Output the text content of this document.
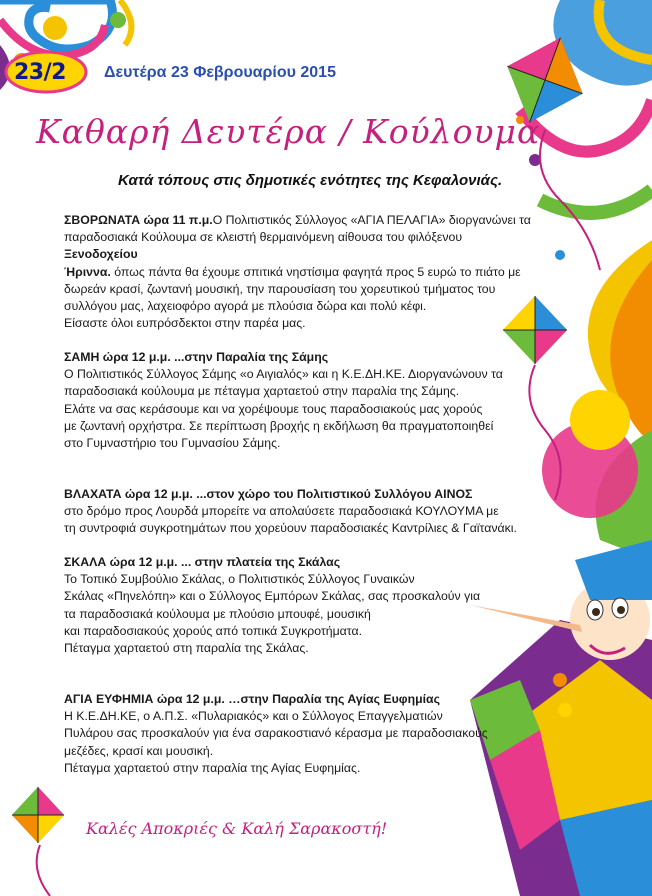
23/2 Δευτέρα 23 Φεβρουαρίου 2015
Καθαρή Δευτέρα / Κούλουμα
Κατά τόπους στις δημοτικές ενότητες της Κεφαλονιάς.

ΣΒΟΡΩΝΑΤΑ ώρα 11 π.μ.Ο Πολιτιστικός Σύλλογος «ΑΓΙΑ ΠΕΛΑΓΙΑ» διοργανώνει τα

παραδοσιακά Κούλουμα σε κλειστή θερμαινόμενη αίθουσα του φιλόξενου Ξενοδοχείου

Ήριννα. όπως πάντα θα έχουμε σπιτικά νηστίσιμα φαγητά προς 5 ευρώ το πιάτο με

δωρεάν κρασί, ζωντανή μουσική, την παρουσίαση του χορευτικού τμήματος του

συλλόγου μας, λαχειοφόρο αγορά με πλούσια δώρα και πολύ κέφι.

Είσαστε όλοι ευπρόσδεκτοι στην παρέα μας.

ΣΑΜΗ ώρα 12 μ.μ. ...στην Παραλία της Σάμης

Ο Πολιτιστικός Σύλλογος Σάμης «ο Αιγιαλός» και η Κ.Ε.ΔΗ.ΚΕ. Διοργανώνουν τα

παραδοσιακά κούλουμα με πέταγμα χαρταετού στην παραλία της Σάμης.

Ελάτε να σας κεράσουμε και να χορέψουμε τους παραδοσιακούς μας χορούς

με ζωντανή ορχήστρα. Σε περίπτωση βροχής η εκδήλωση θα πραγματοποιηθεί

στο Γυμναστήριο του Γυμνασίου Σάμης.

ΒΛΑΧΑΤΑ ώρα 12 μ.μ. ...στον χώρο του Πολιτιστικού Συλλόγου ΑΙΝΟΣ

στο δρόμο προς Λουρδά μπορείτε να απολαύσετε παραδοσιακά ΚΟΥΛΟΥΜΑ με

τη συντροφιά συγκροτημάτων που χορεύουν παραδοσιακές Καντρίλιες & Γαϊτανάκι.

ΣΚΑΛΑ ώρα 12 μ.μ. ... στην πλατεία της Σκάλας

Το Τοπικό Συμβούλιο Σκάλας, ο Πολιτιστικός Σύλλογος Γυναικών

Σκάλας «Πηνελόπη» και ο Σύλλογος Εμπόρων Σκάλας, σας προσκαλούν για

τα παραδοσιακά κούλουμα με πλούσιο μπουφέ, μουσική

και παραδοσιακούς χορούς από τοπικά Συγκροτήματα.

Πέταγμα χαρταετού στη παραλία της Σκάλας.

ΑΓΙΑ ΕΥΦΗΜΙΑ ώρα 12 μ.μ. …στην Παραλία της Αγίας Ευφημίας

Η Κ.Ε.ΔΗ.ΚΕ, ο Α.Π.Σ. «Πυλαριακός» και ο Σύλλογος Επαγγελματιών

Πυλάρου σας προσκαλούν για ένα σαρακοστιανό κέρασμα με παραδοσιακούς

μεζέδες, κρασί και μουσική.

Πέταγμα χαρταετού στην παραλία της Αγίας Ευφημίας.

Καλές Αποκριές & Καλή Σαρακοστή!
